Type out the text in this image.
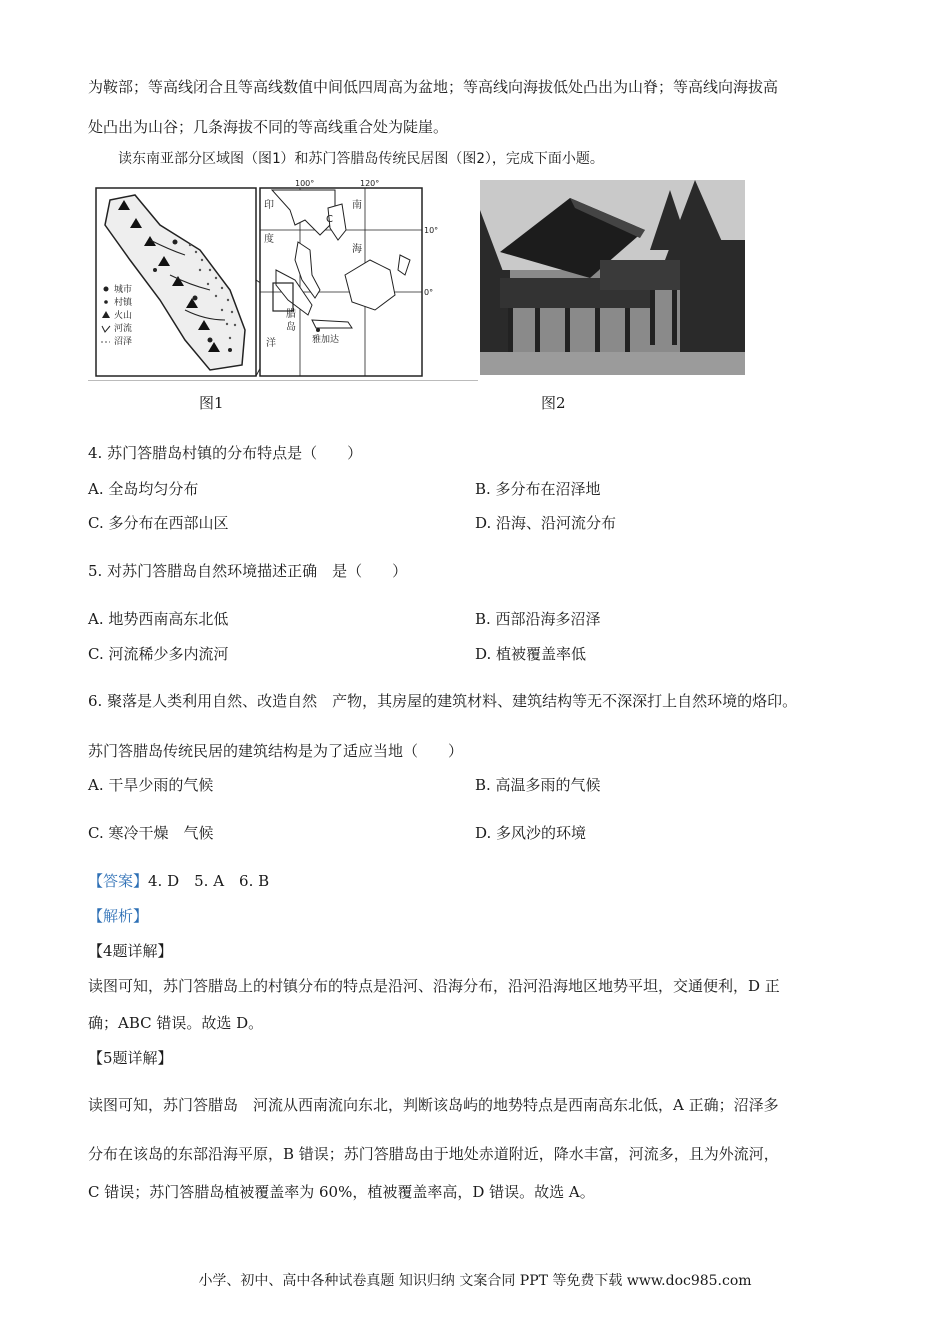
为鞍部；等高线闭合且等高线数值中间低四周高为盆地；等高线向海拔低处凸出为山脊；等高线向海拔高
处凸出为山谷；几条海拔不同的等高线重合处为陡崖。
读东南亚部分区域图（图1）和苏门答腊岛传统民居图（图2），完成下面小题。
城市
村镇
火山
河流
沼泽
100°	120°
10°
0°
印
度
洋
南
海
C
腊
岛
雅加达
图1	图2
4. 苏门答腊岛村镇的分布特点是（　　）
A. 全岛均匀分布	B. 多分布在沼泽地
C. 多分布在西部山区	D. 沿海、沿河流分布
5. 对苏门答腊岛自然环境描述正确　是（　　）
A. 地势西南高东北低	B. 西部沿海多沼泽
C. 河流稀少多内流河	D. 植被覆盖率低
6. 聚落是人类利用自然、改造自然　产物，其房屋的建筑材料、建筑结构等无不深深打上自然环境的烙印。
苏门答腊岛传统民居的建筑结构是为了适应当地（　　）
A. 干旱少雨的气候	B. 高温多雨的气候
C. 寒冷干燥　气候	D. 多风沙的环境
【答案】4. D　5. A　6. B
【解析】
【4题详解】
读图可知，苏门答腊岛上的村镇分布的特点是沿河、沿海分布，沿河沿海地区地势平坦，交通便利，D 正
确；ABC 错误。故选 D。
【5题详解】
读图可知，苏门答腊岛　河流从西南流向东北，判断该岛屿的地势特点是西南高东北低，A 正确；沼泽多
分布在该岛的东部沿海平原，B 错误；苏门答腊岛由于地处赤道附近，降水丰富，河流多，且为外流河，
C 错误；苏门答腊岛植被覆盖率为 60%，植被覆盖率高，D 错误。故选 A。
小学、初中、高中各种试卷真题 知识归纳 文案合同 PPT 等免费下载 www.doc985.com
